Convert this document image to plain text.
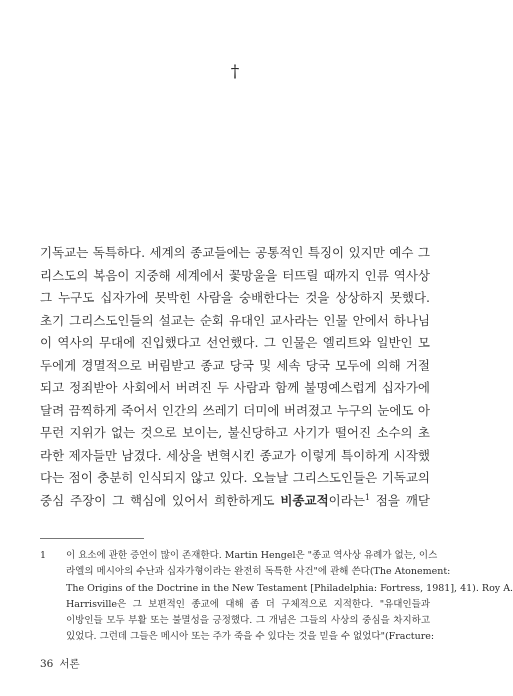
†
기독교는 독특하다. 세계의 종교들에는 공통적인 특징이 있지만 예수 그
리스도의 복음이 지중해 세계에서 꽃망울을 터뜨릴 때까지 인류 역사상
그 누구도 십자가에 못박힌 사람을 숭배한다는 것을 상상하지 못했다.
초기 그리스도인들의 설교는 순회 유대인 교사라는 인물 안에서 하나님
이 역사의 무대에 진입했다고 선언했다. 그 인물은 엘리트와 일반인 모
두에게 경멸적으로 버림받고 종교 당국 및 세속 당국 모두에 의해 거절
되고 정죄받아 사회에서 버려진 두 사람과 함께 불명예스럽게 십자가에
달려 끔찍하게 죽어서 인간의 쓰레기 더미에 버려졌고 누구의 눈에도 아
무런 지위가 없는 것으로 보이는, 불신당하고 사기가 떨어진 소수의 초
라한 제자들만 남겼다. 세상을 변혁시킨 종교가 이렇게 특이하게 시작했
다는 점이 충분히 인식되지 않고 있다. 오늘날 그리스도인들은 기독교의
중심 주장이 그 핵심에 있어서 희한하게도 비종교적이라는$^1$ 점을 깨닫
1 이 요소에 관한 증언이 많이 존재한다. Martin Hengel은 "종교 역사상 유례가 없는, 이스
라엘의 메시아의 수난과 십자가형이라는 완전히 독특한 사건"에 관해 쓴다(The Atonement:
The Origins of the Doctrine in the New Testament [Philadelphia: Fortress, 1981], 41). Roy A.
Harrisville은 그 보편적인 종교에 대해 좀 더 구체적으로 지적한다. "유대인들과
이방인들 모두 부활 또는 불멸성을 긍정했다. 그 개념은 그들의 사상의 중심을 차지하고
있었다. 그런데 그들은 메시아 또는 주가 죽을 수 있다는 것을 믿을 수 없었다"(Fracture:
36 서론
